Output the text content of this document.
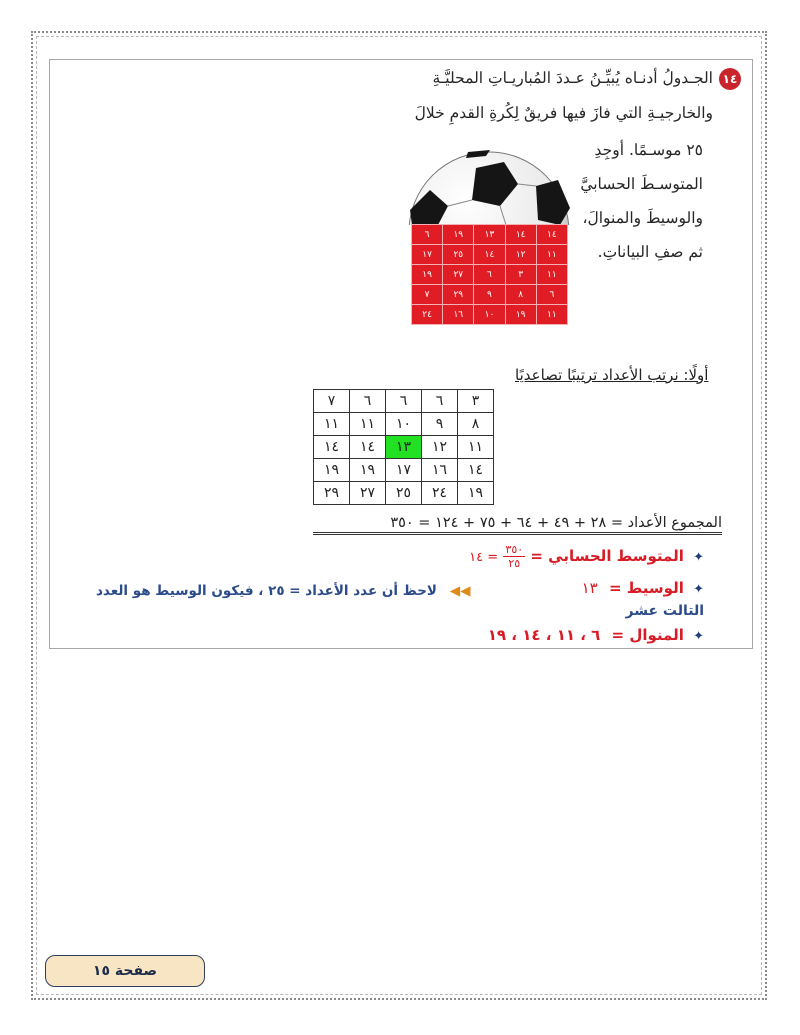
١٤
الجـدولُ أدنـاه يُبيِّـنُ عـددَ المُباريـاتِ المحليَّـةِ
والخارجيـةِ التي فازَ فيها فريقٌ لِكُرةِ القدمِ خلالَ
٢٥ موسـمًا. أوجِدِ
المتوسـطَ الحسابيَّ
والوسيطَ والمنوالَ،
ثم صفِ البياناتِ.
٦	١٩	١٣	١٤	١٤
١٧	٢٥	١٤	١٢	١١
١٩	٢٧	٦	٣	١١
٧	٢٩	٩	٨	٦
٢٤	١٦	١٠	١٩	١١
أولًا: نرتب الأعداد ترتيبًا تصاعديًا
٧	٦	٦	٦	٣
١١	١١	١٠	٩	٨
١٤	١٤	١٣	١٢	١١
١٩	١٩	١٧	١٦	١٤
٢٩	٢٧	٢٥	٢٤	١٩
المجموع الأعداد = ٢٨ + ٤٩ + ٦٤ + ٧٥ + ١٢٤ = ٣٥٠
✦ المتوسط الحسابي =
$\frac{٣٥٠}{٢٥}$
= ١٤
✦ الوسيط = ١٣
◀◀ لاحظ أن عدد الأعداد = ٢٥ ، فيكون الوسيط هو العدد
التالت عشر
✦ المنوال = ٦ ، ١١ ، ١٤ ، ١٩
صفحة ١٥
